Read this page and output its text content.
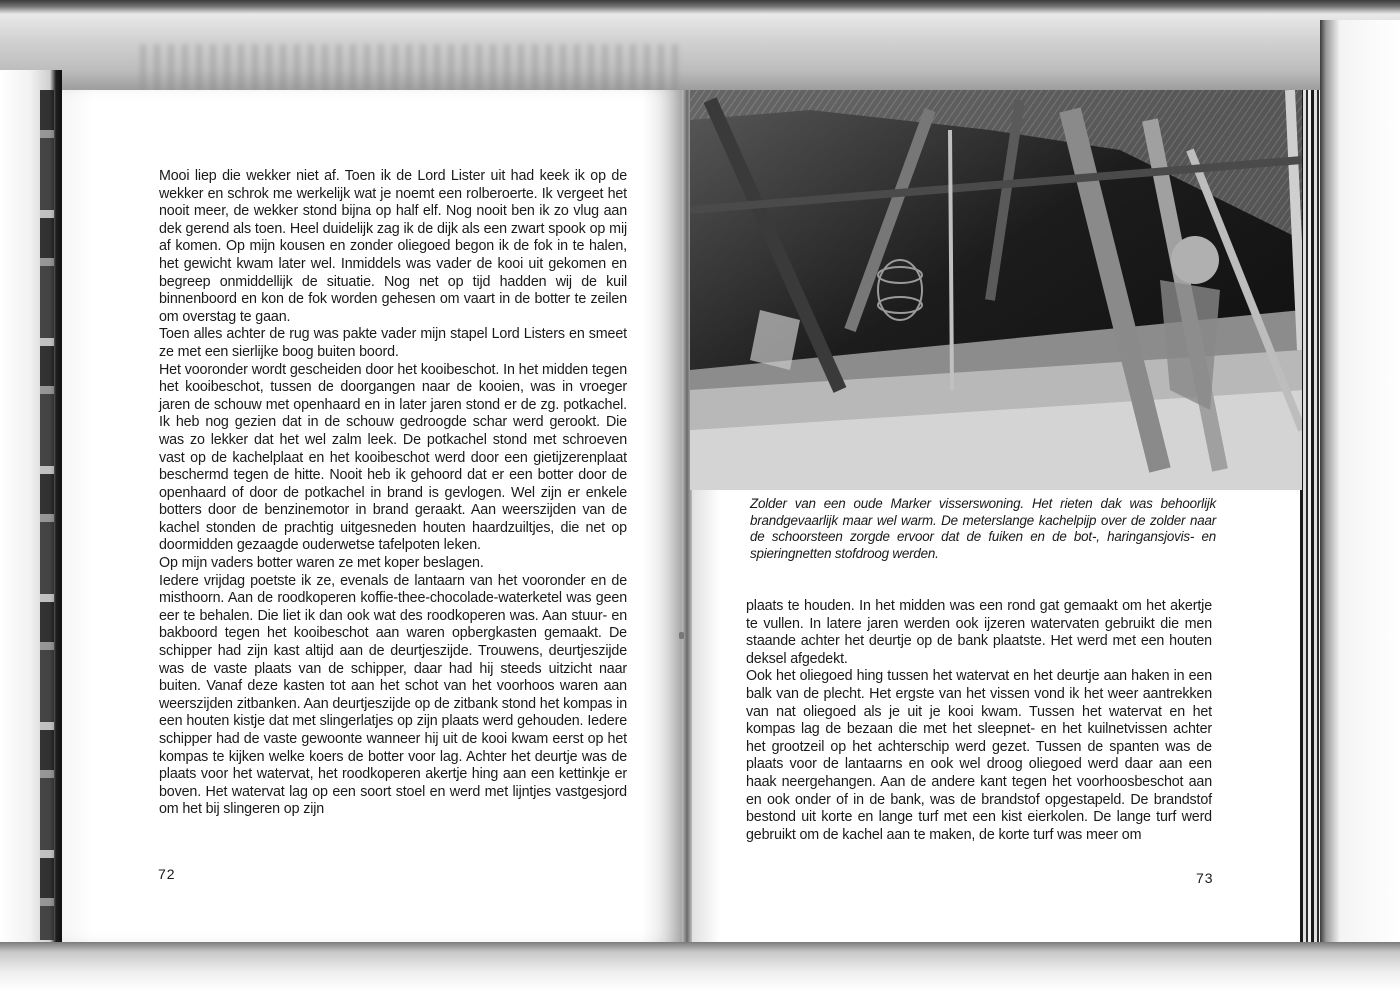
Mooi liep die wekker niet af. Toen ik de Lord Lister uit had keek ik op de wekker en schrok me werkelijk wat je noemt een rolberoerte. Ik vergeet het nooit meer, de wekker stond bijna op half elf. Nog nooit ben ik zo vlug aan dek gerend als toen. Heel duidelijk zag ik de dijk als een zwart spook op mij af komen. Op mijn kousen en zonder oliegoed begon ik de fok in te halen, het gewicht kwam later wel. Inmiddels was vader de kooi uit gekomen en begreep onmiddellijk de situatie. Nog net op tijd hadden wij de kuil binnenboord en kon de fok worden gehesen om vaart in de botter te zeilen om overstag te gaan.

Toen alles achter de rug was pakte vader mijn stapel Lord Listers en smeet ze met een sierlijke boog buiten boord.

Het vooronder wordt gescheiden door het kooibeschot. In het midden tegen het kooibeschot, tussen de doorgangen naar de kooien, was in vroeger jaren de schouw met openhaard en in later jaren stond er de zg. potkachel. Ik heb nog gezien dat in de schouw gedroogde schar werd gerookt. Die was zo lekker dat het wel zalm leek. De potkachel stond met schroeven vast op de kachelplaat en het kooibeschot werd door een gietijzerenplaat beschermd tegen de hitte. Nooit heb ik gehoord dat er een botter door de openhaard of door de potkachel in brand is gevlogen. Wel zijn er enkele botters door de benzinemotor in brand geraakt. Aan weerszijden van de kachel stonden de prachtig uitgesneden houten haardzuiltjes, die net op doormidden gezaagde ouderwetse tafelpoten leken.

Op mijn vaders botter waren ze met koper beslagen.

Iedere vrijdag poetste ik ze, evenals de lantaarn van het vooronder en de misthoorn. Aan de roodkoperen koffie-thee-chocolade-waterketel was geen eer te behalen. Die liet ik dan ook wat des roodkoperen was. Aan stuur- en bakboord tegen het kooibeschot aan waren opbergkasten gemaakt. De schipper had zijn kast altijd aan de deurtjeszijde. Trouwens, deurtjeszijde was de vaste plaats van de schipper, daar had hij steeds uitzicht naar buiten. Vanaf deze kasten tot aan het schot van het voorhoos waren aan weerszijden zitbanken. Aan deurtjeszijde op de zitbank stond het kompas in een houten kistje dat met slingerlatjes op zijn plaats werd gehouden. Iedere schipper had de vaste gewoonte wanneer hij uit de kooi kwam eerst op het kompas te kijken welke koers de botter voor lag. Achter het deurtje was de plaats voor het watervat, het roodkoperen akertje hing aan een kettinkje er boven. Het watervat lag op een soort stoel en werd met lijntjes vastgesjord om het bij slingeren op zijn

72
Zolder van een oude Marker visserswoning. Het rieten dak was behoorlijk brandgevaarlijk maar wel warm. De meterslange kachelpijp over de zolder naar de schoorsteen zorgde ervoor dat de fuiken en de bot-, haringansjovis- en spieringnetten stofdroog werden.

plaats te houden. In het midden was een rond gat gemaakt om het akertje te vullen. In latere jaren werden ook ijzeren watervaten gebruikt die men staande achter het deurtje op de bank plaatste. Het werd met een houten deksel afgedekt.

Ook het oliegoed hing tussen het watervat en het deurtje aan haken in een balk van de plecht. Het ergste van het vissen vond ik het weer aantrekken van nat oliegoed als je uit je kooi kwam. Tussen het watervat en het kompas lag de bezaan die met het sleepnet- en het kuilnetvissen achter het grootzeil op het achterschip werd gezet. Tussen de spanten was de plaats voor de lantaarns en ook wel droog oliegoed werd daar aan een haak neergehangen. Aan de andere kant tegen het voorhoosbeschot aan en ook onder of in de bank, was de brandstof opgestapeld. De brandstof bestond uit korte en lange turf met een kist eierkolen. De lange turf werd gebruikt om de kachel aan te maken, de korte turf was meer om

73
